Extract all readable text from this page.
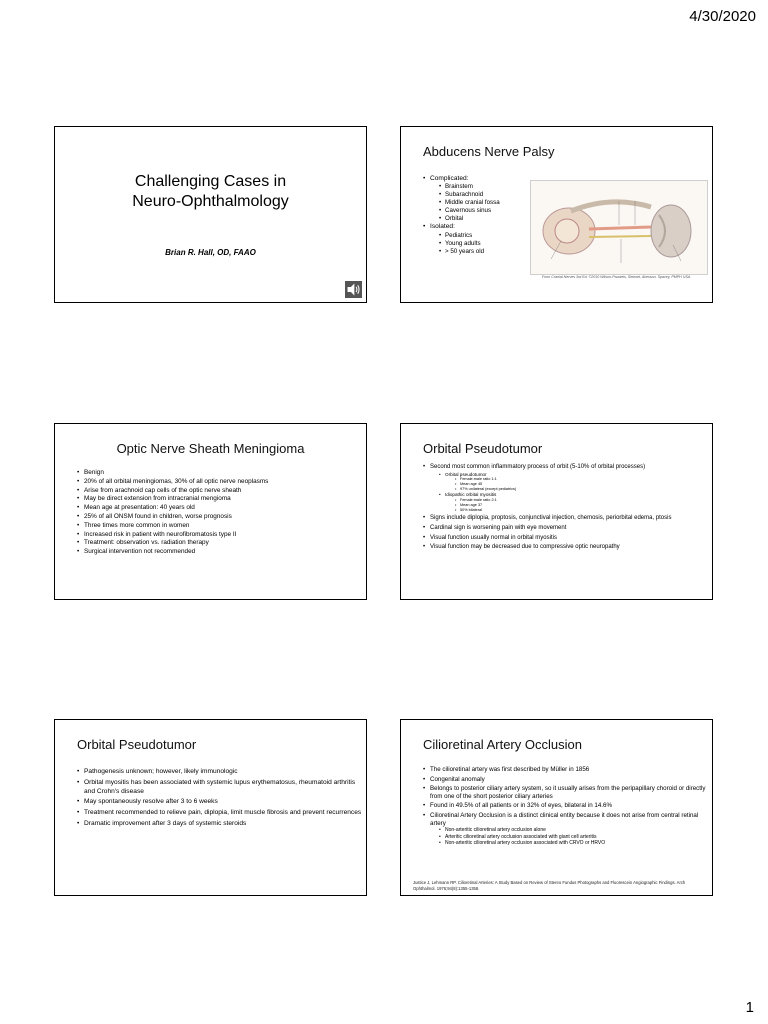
4/30/2020
Challenging Cases in
Neuro-Ophthalmology
Brian R. Hall, OD, FAAO
Abducens Nerve Palsy
• Complicated:
• Brainstem
• Subarachnoid
• Middle cranial fossa
• Cavernous sinus
• Orbital
• Isolated:
• Pediatrics
• Young adults
• > 50 years old
From Cranial Nerves 3rd Ed. ©2010 Wilson-Pauwels, Stewart, Akesson, Spacey, PMPH USA.
Optic Nerve Sheath Meningioma
• Benign
• 20% of all orbital meningiomas, 30% of all optic nerve neoplasms
• Arise from arachnoid cap cells of the optic nerve sheath
• May be direct extension from intracranial mengioma
• Mean age at presentation: 40 years old
• 25% of all ONSM found in children, worse prognosis
• Three times more common in women
• Increased risk in patient with neurofibromatosis type II
• Treatment: observation vs. radiation therapy
• Surgical intervention not recommended
Orbital Pseudotumor
• Second most common inflammatory process of orbit (5-10% of orbital processes)
• Orbital pseudotumor
• Female:male ratio 1:1
• Mean age 45
• 97% unilateral (except pediatrics)
• Idiopathic orbital myositis
• Female:male ratio 2:1
• Mean age 37
• 50% bilateral
• Signs include diplopia, proptosis, conjunctival injection, chemosis, periorbital edema, ptosis
• Cardinal sign is worsening pain with eye movement
• Visual function usually normal in orbital myositis
• Visual function may be decreased due to compressive optic neuropathy
Orbital Pseudotumor
• Pathogenesis unknown; however, likely immunologic
• Orbital myositis has been associated with systemic lupus erythematosus, rheumatoid arthritis and Crohn's disease
• May spontaneously resolve after 3 to 6 weeks
• Treatment recommended to relieve pain, diplopia, limit muscle fibrosis and prevent recurrences
• Dramatic improvement after 3 days of systemic steroids
Cilioretinal Artery Occlusion
• The cilioretinal artery was first described by Müller in 1856
• Congenital anomaly
• Belongs to posterior ciliary artery system, so it usually arises from the peripapillary choroid or directly from one of the short posterior ciliary arteries
• Found in 49.5% of all patients or in 32% of eyes, bilateral in 14.6%
• Cilioretinal Artery Occlusion is a distinct clinical entity because it does not arise from central retinal artery
• Non-arteritic cilioretinal artery occlusion alone
• Arteritic cilioretinal artery occlusion associated with giant cell arteritis
• Non-arteritic cilioretinal artery occlusion associated with CRVO or HRVO
Justice J, Lehmann RP. Cilioretinal Arteries: A Study Based on Review of Stereo Fundus Photographs and Fluorescein Angiographic Findings. Arch Ophthalmol. 1976;94(8):1355-1358.
1
